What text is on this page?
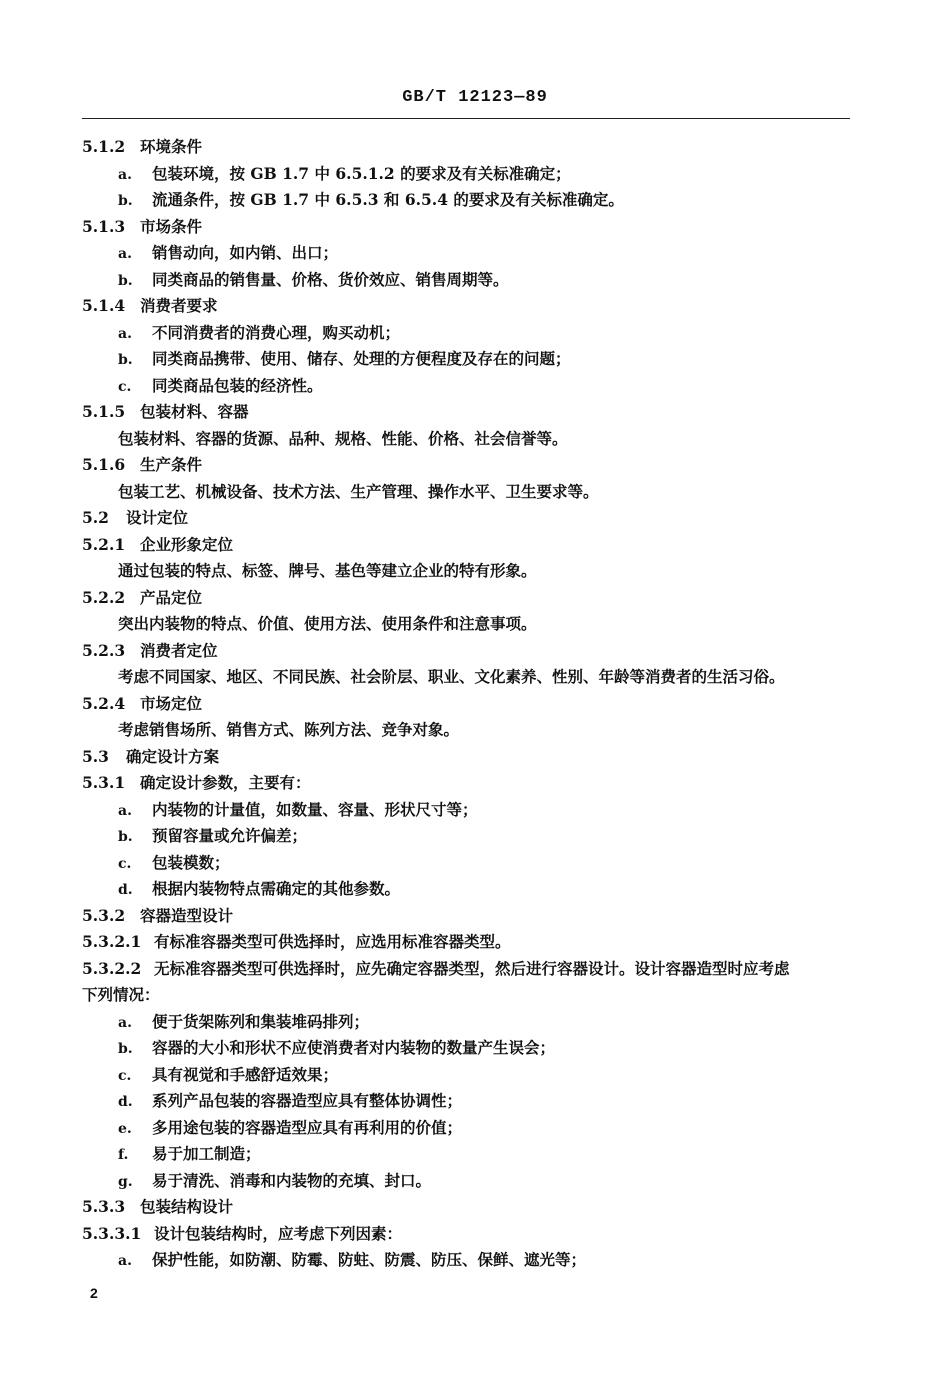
GB/T 12123—89
5.1.2 环境条件
a. 包装环境，按 GB 1.7 中 6.5.1.2 的要求及有关标准确定；
b. 流通条件，按 GB 1.7 中 6.5.3 和 6.5.4 的要求及有关标准确定。
5.1.3 市场条件
a. 销售动向，如内销、出口；
b. 同类商品的销售量、价格、货价效应、销售周期等。
5.1.4 消费者要求
a. 不同消费者的消费心理，购买动机；
b. 同类商品携带、使用、储存、处理的方便程度及存在的问题；
c. 同类商品包装的经济性。
5.1.5 包装材料、容器
包装材料、容器的货源、品种、规格、性能、价格、社会信誉等。
5.1.6 生产条件
包装工艺、机械设备、技术方法、生产管理、操作水平、卫生要求等。
5.2 设计定位
5.2.1 企业形象定位
通过包装的特点、标签、牌号、基色等建立企业的特有形象。
5.2.2 产品定位
突出内装物的特点、价值、使用方法、使用条件和注意事项。
5.2.3 消费者定位
考虑不同国家、地区、不同民族、社会阶层、职业、文化素养、性别、年龄等消费者的生活习俗。
5.2.4 市场定位
考虑销售场所、销售方式、陈列方法、竞争对象。
5.3 确定设计方案
5.3.1 确定设计参数，主要有：
a. 内装物的计量值，如数量、容量、形状尺寸等；
b. 预留容量或允许偏差；
c. 包装模数；
d. 根据内装物特点需确定的其他参数。
5.3.2 容器造型设计
5.3.2.1 有标准容器类型可供选择时，应选用标准容器类型。
5.3.2.2 无标准容器类型可供选择时，应先确定容器类型，然后进行容器设计。设计容器造型时应考虑
下列情况：
a. 便于货架陈列和集装堆码排列；
b. 容器的大小和形状不应使消费者对内装物的数量产生误会；
c. 具有视觉和手感舒适效果；
d. 系列产品包装的容器造型应具有整体协调性；
e. 多用途包装的容器造型应具有再利用的价值；
f. 易于加工制造；
g. 易于清洗、消毒和内装物的充填、封口。
5.3.3 包装结构设计
5.3.3.1 设计包装结构时，应考虑下列因素：
a. 保护性能，如防潮、防霉、防蛀、防震、防压、保鲜、遮光等；
2
